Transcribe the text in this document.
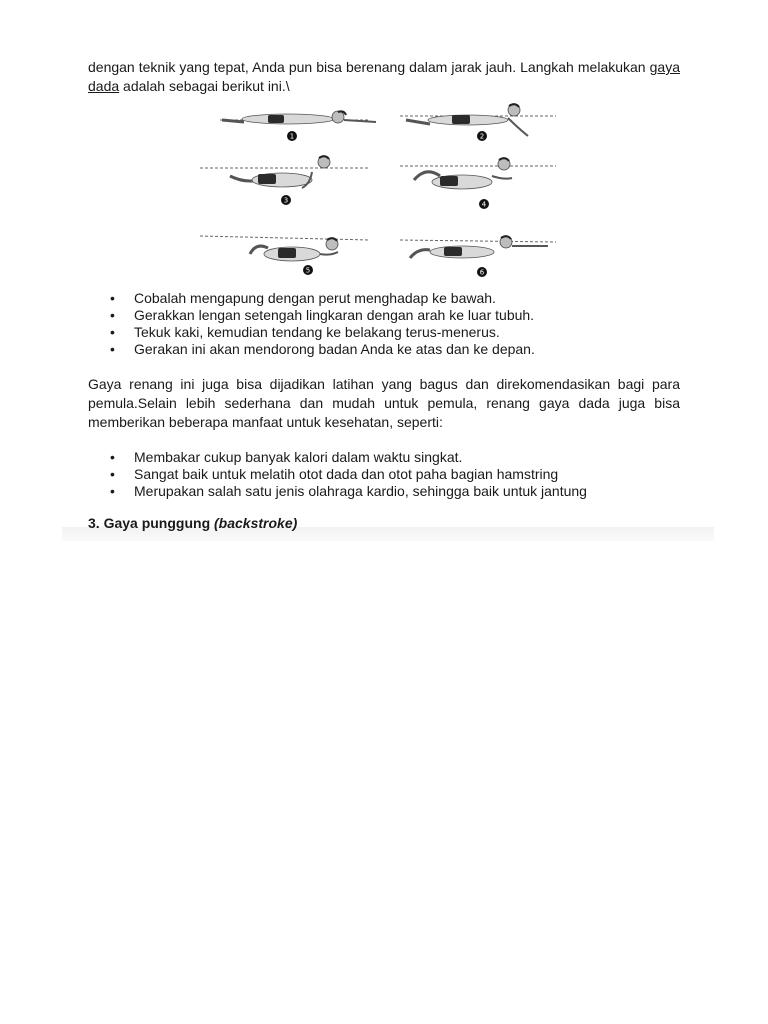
dengan teknik yang tepat, Anda pun bisa berenang dalam jarak jauh. Langkah melakukan gaya dada adalah sebagai berikut ini.\

1	2
3	4
5	6
• Cobalah mengapung dengan perut menghadap ke bawah.
• Gerakkan lengan setengah lingkaran dengan arah ke luar tubuh.
• Tekuk kaki, kemudian tendang ke belakang terus-menerus.
• Gerakan ini akan mendorong badan Anda ke atas dan ke depan.

Gaya renang ini juga bisa dijadikan latihan yang bagus dan direkomendasikan bagi para pemula.Selain lebih sederhana dan mudah untuk pemula, renang gaya dada juga bisa memberikan beberapa manfaat untuk kesehatan, seperti:

• Membakar cukup banyak kalori dalam waktu singkat.
• Sangat baik untuk melatih otot dada dan otot paha bagian hamstring
• Merupakan salah satu jenis olahraga kardio, sehingga baik untuk jantung
3. Gaya punggung (backstroke)
